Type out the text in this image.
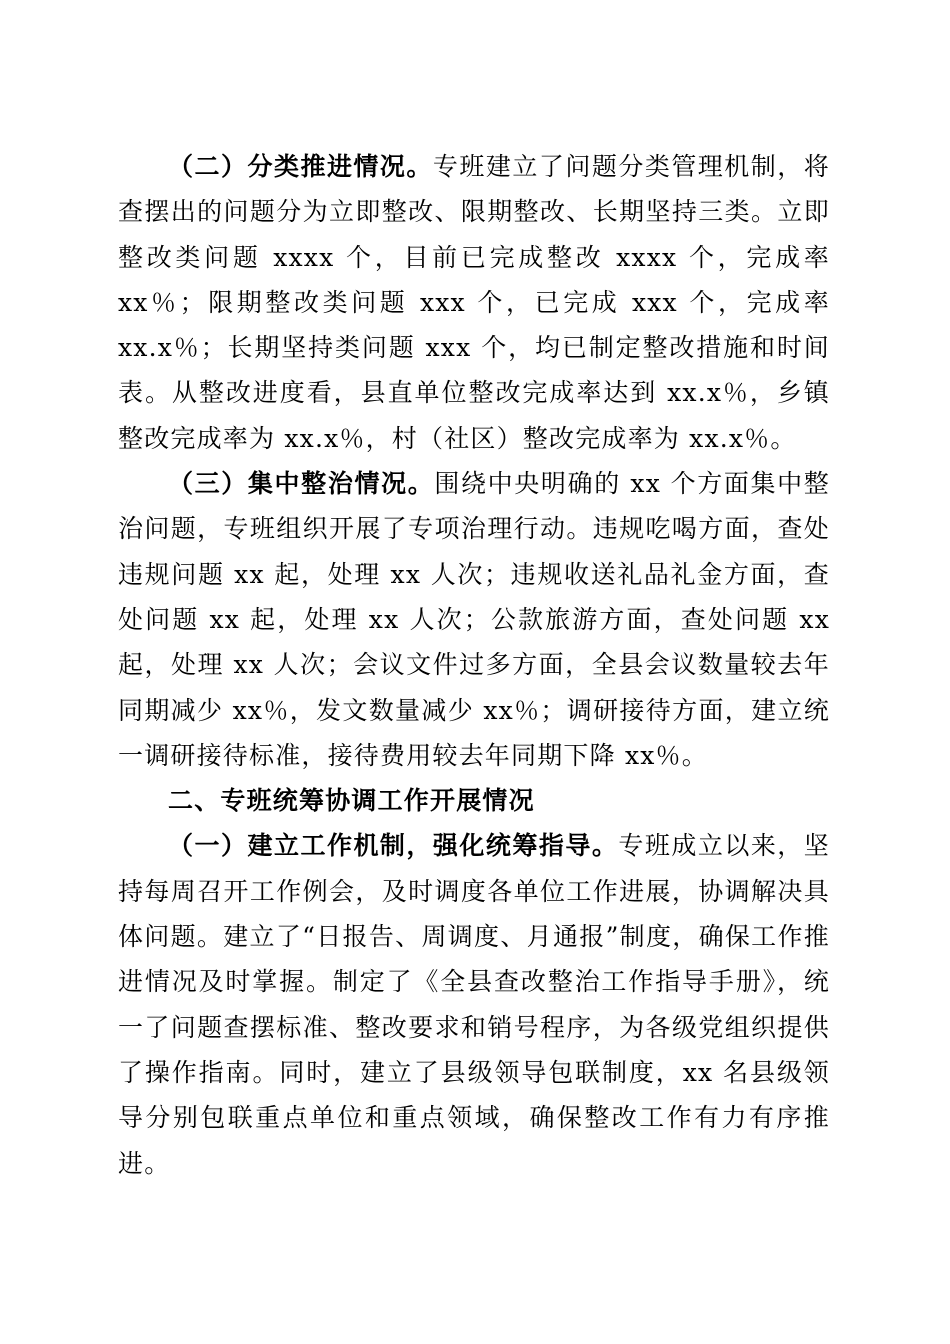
（二）分类推进情况。专班建立了问题分类管理机制，将查摆出的问题分为立即整改、限期整改、长期坚持三类。立即整改类问题 xxxx 个，目前已完成整改 xxxx 个，完成率 xx％；限期整改类问题 xxx 个，已完成 xxx 个，完成率 xx.x％；长期坚持类问题 xxx 个，均已制定整改措施和时间表。从整改进度看，县直单位整改完成率达到 xx.x％，乡镇整改完成率为 xx.x％，村（社区）整改完成率为 xx.x％。

（三）集中整治情况。围绕中央明确的 xx 个方面集中整治问题，专班组织开展了专项治理行动。违规吃喝方面，查处违规问题 xx 起，处理 xx 人次；违规收送礼品礼金方面，查处问题 xx 起，处理 xx 人次；公款旅游方面，查处问题 xx 起，处理 xx 人次；会议文件过多方面，全县会议数量较去年同期减少 xx％，发文数量减少 xx％；调研接待方面，建立统一调研接待标准，接待费用较去年同期下降 xx％。

二、专班统筹协调工作开展情况

（一）建立工作机制，强化统筹指导。专班成立以来，坚持每周召开工作例会，及时调度各单位工作进展，协调解决具体问题。建立了“日报告、周调度、月通报”制度，确保工作推进情况及时掌握。制定了《全县查改整治工作指导手册》，统一了问题查摆标准、整改要求和销号程序，为各级党组织提供了操作指南。同时，建立了县级领导包联制度，xx 名县级领导分别包联重点单位和重点领域，确保整改工作有力有序推进。
